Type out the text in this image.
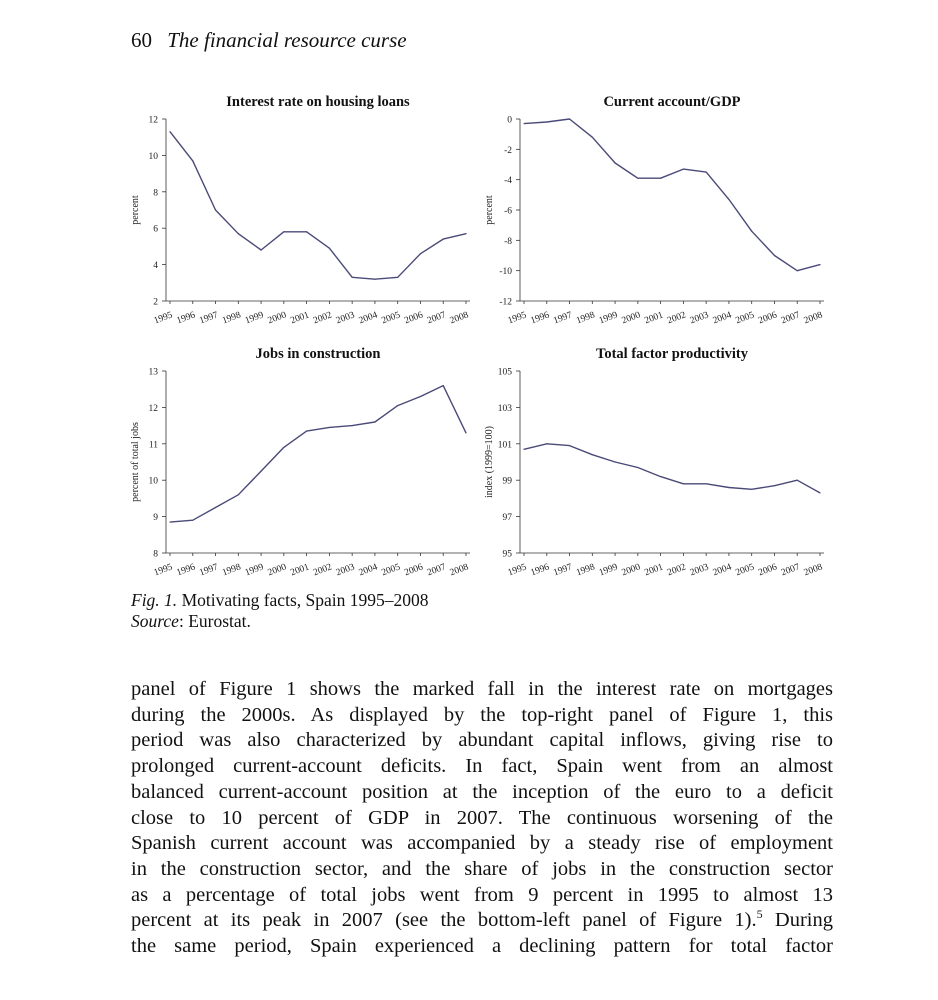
60 The financial resource curse
Interest rate on housing loans
2
4
6
8
10
12
1995 1996 1997 1998 1999 2000 2001 2002 2003 2004 2005 2006 2007 2008
percent
Current account/GDP
-12
-10
-8
-6
-4
-2
0
1995 1996 1997 1998 1999 2000 2001 2002 2003 2004 2005 2006 2007 2008
percent
Jobs in construction
8
9
10
11
12
13
1995 1996 1997 1998 1999 2000 2001 2002 2003 2004 2005 2006 2007 2008
percent of total jobs
Total factor productivity
95
97
99
101
103
105
1995 1996 1997 1998 1999 2000 2001 2002 2003 2004 2005 2006 2007 2008
index (1999=100)
Fig. 1. Motivating facts, Spain 1995–2008
Source: Eurostat.
panel of Figure 1 shows the marked fall in the interest rate on mortgages
during the 2000s. As displayed by the top-right panel of Figure 1, this
period was also characterized by abundant capital inflows, giving rise to
prolonged current-account deficits. In fact, Spain went from an almost
balanced current-account position at the inception of the euro to a deficit
close to 10 percent of GDP in 2007. The continuous worsening of the
Spanish current account was accompanied by a steady rise of employment
in the construction sector, and the share of jobs in the construction sector
as a percentage of total jobs went from 9 percent in 1995 to almost 13
percent at its peak in 2007 (see the bottom-left panel of Figure 1).$^5$ During
the same period, Spain experienced a declining pattern for total factor
